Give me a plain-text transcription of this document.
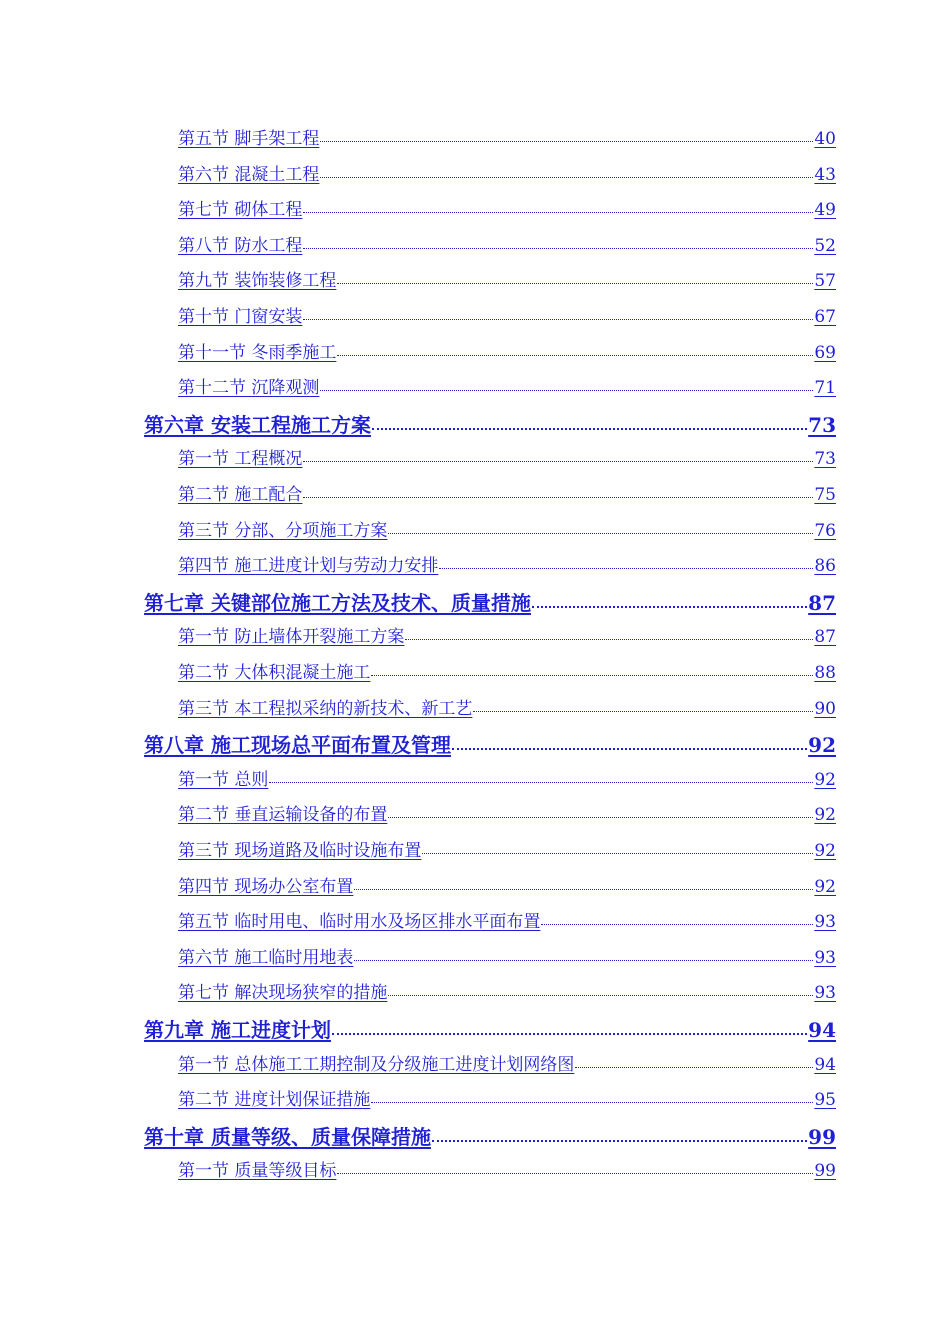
第五节 脚手架工程	40
第六节 混凝土工程	43
第七节 砌体工程	49
第八节 防水工程	52
第九节 装饰装修工程	57
第十节 门窗安装	67
第十一节 冬雨季施工	69
第十二节 沉降观测	71
第六章 安装工程施工方案	73
第一节 工程概况	73
第二节 施工配合	75
第三节 分部、分项施工方案	76
第四节 施工进度计划与劳动力安排	86
第七章 关键部位施工方法及技术、质量措施	87
第一节 防止墙体开裂施工方案	87
第二节 大体积混凝土施工	88
第三节 本工程拟采纳的新技术、新工艺	90
第八章 施工现场总平面布置及管理	92
第一节 总则	92
第二节 垂直运输设备的布置	92
第三节 现场道路及临时设施布置	92
第四节 现场办公室布置	92
第五节 临时用电、临时用水及场区排水平面布置	93
第六节 施工临时用地表	93
第七节 解决现场狭窄的措施	93
第九章 施工进度计划	94
第一节 总体施工工期控制及分级施工进度计划网络图	94
第二节 进度计划保证措施	95
第十章 质量等级、质量保障措施	99
第一节 质量等级目标	99
